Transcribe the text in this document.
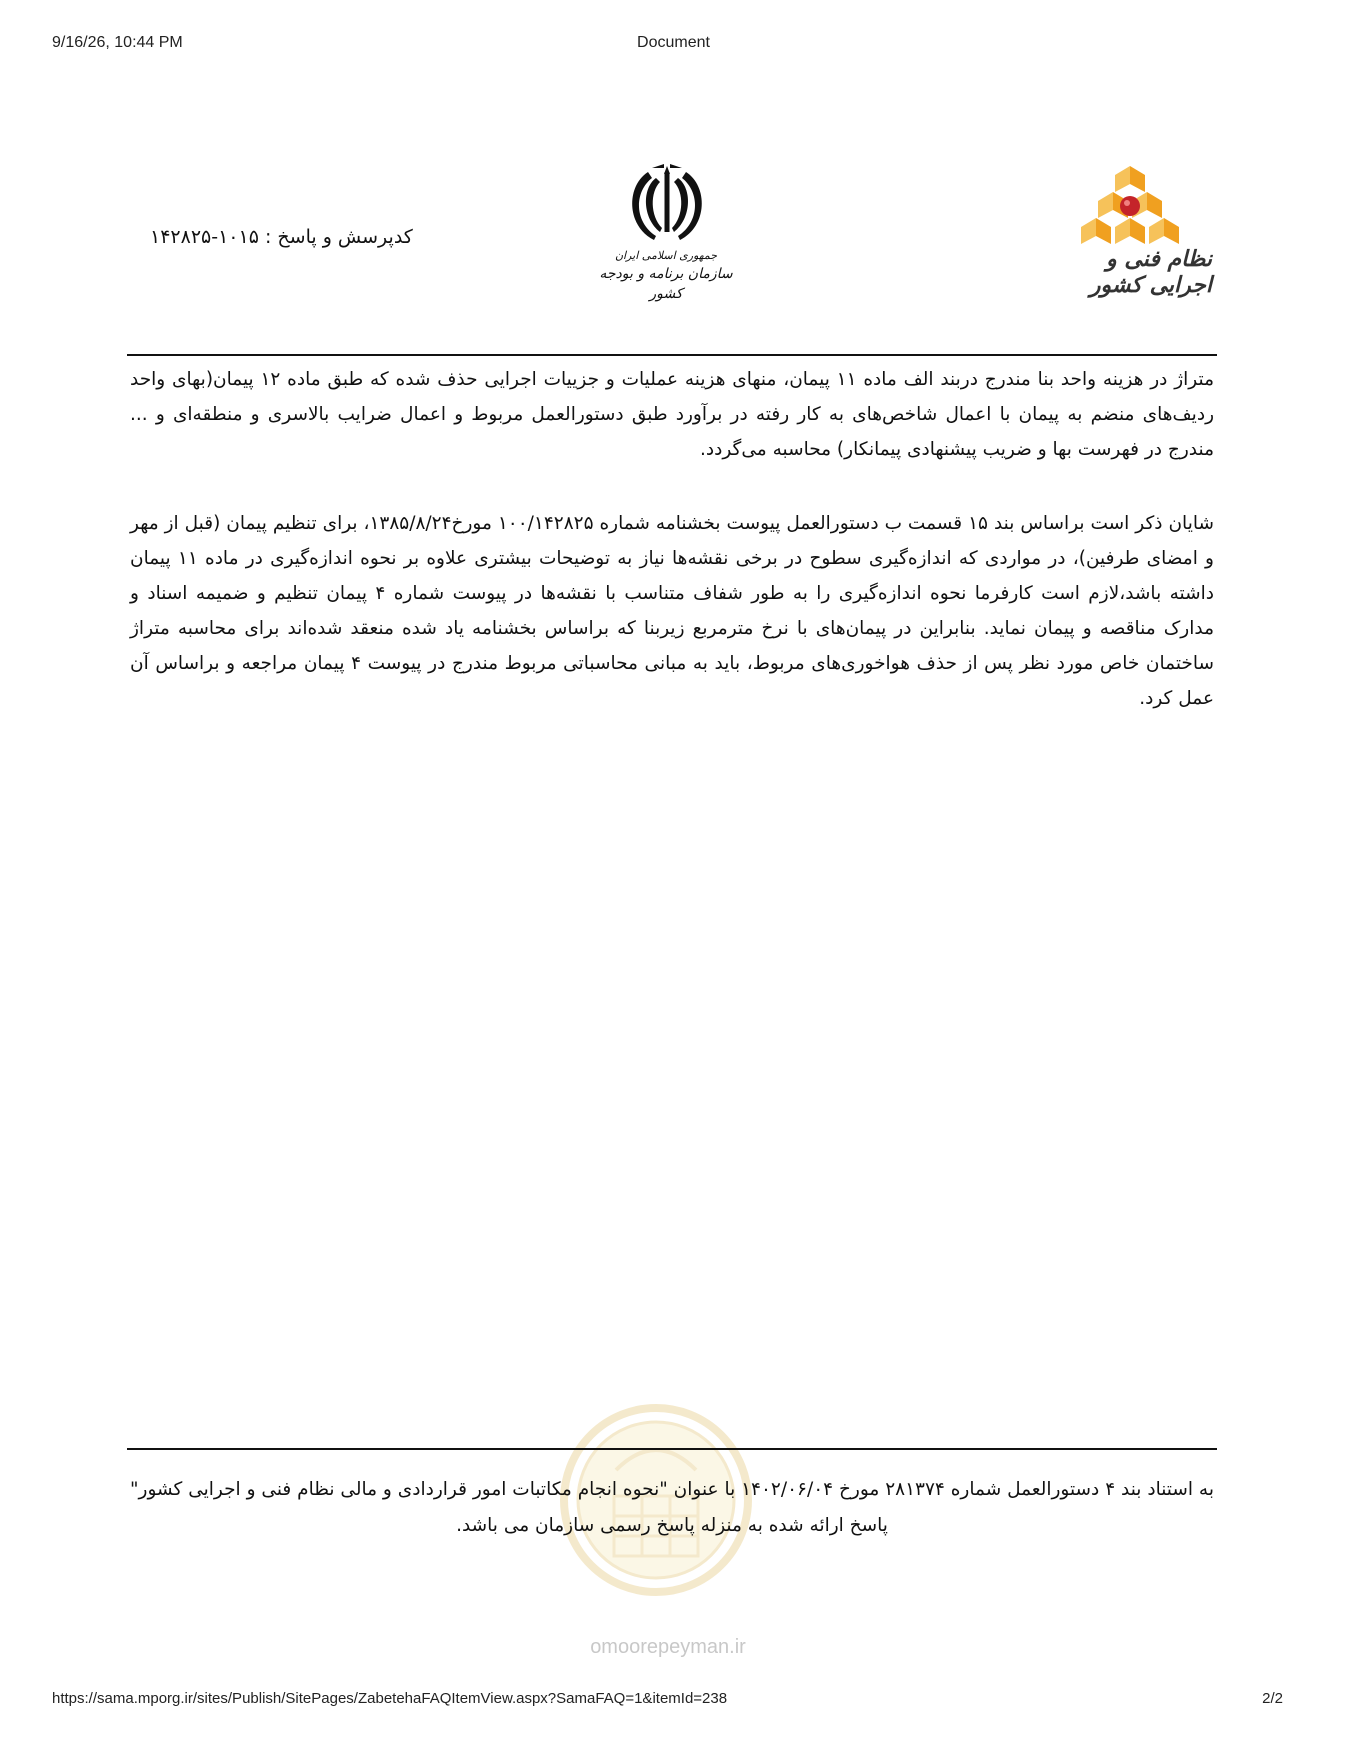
9/16/26, 10:44 PM	Document
کدپرسش و پاسخ : ۱۰۱۵-۱۴۲۸۲۵
جمهوری اسلامی ایران
سازمان برنامه و بودجه کشور
نظام فنی و اجرایی کشور
متراژ در هزینه واحد بنا مندرج دربند الف ماده ۱۱ پیمان، منهای هزینه عملیات و جزییات اجرایی حذف شده که طبق ماده ۱۲ پیمان(بهای واحد ردیف‌های منضم به پیمان با اعمال شاخص‌های به کار رفته در برآورد طبق دستورالعمل مربوط و اعمال ضرایب بالاسری و منطقه‌ای و ... مندرج در فهرست بها و ضریب پیشنهادی پیمانکار) محاسبه می‌گردد.
شایان ذکر است براساس بند ۱۵ قسمت ب دستورالعمل پیوست بخشنامه شماره ۱۰۰/۱۴۲۸۲۵ مورخ۱۳۸۵/۸/۲۴، برای تنظیم پیمان (قبل از مهر و امضای طرفین)، در مواردی که اندازه‌گیری سطوح در برخی نقشه‌ها نیاز به توضیحات بیشتری علاوه بر نحوه اندازه‌گیری در ماده ۱۱ پیمان داشته باشد،لازم است کارفرما نحوه اندازه‌گیری را به طور شفاف متناسب با نقشه‌ها در پیوست شماره ۴ پیمان تنظیم و ضمیمه اسناد و مدارک مناقصه و پیمان نماید. بنابراین در پیمان‌های با نرخ مترمربع زیربنا که براساس بخشنامه یاد شده منعقد شده‌اند برای محاسبه متراژ ساختمان خاص مورد نظر پس از حذف هواخوری‌های مربوط، باید به مبانی محاسباتی مربوط مندرج در پیوست ۴ پیمان مراجعه و براساس آن عمل کرد.
به استناد بند ۴ دستورالعمل شماره ۲۸۱۳۷۴ مورخ ۱۴۰۲/۰۶/۰۴ با عنوان "نحوه انجام مکاتبات امور قراردادی و مالی نظام فنی و اجرایی کشور" پاسخ ارائه شده به منزله پاسخ رسمی سازمان می باشد.
omoorepeyman.ir
https://sama.mporg.ir/sites/Publish/SitePages/ZabetehaFAQItemView.aspx?SamaFAQ=1&itemId=238	2/2
